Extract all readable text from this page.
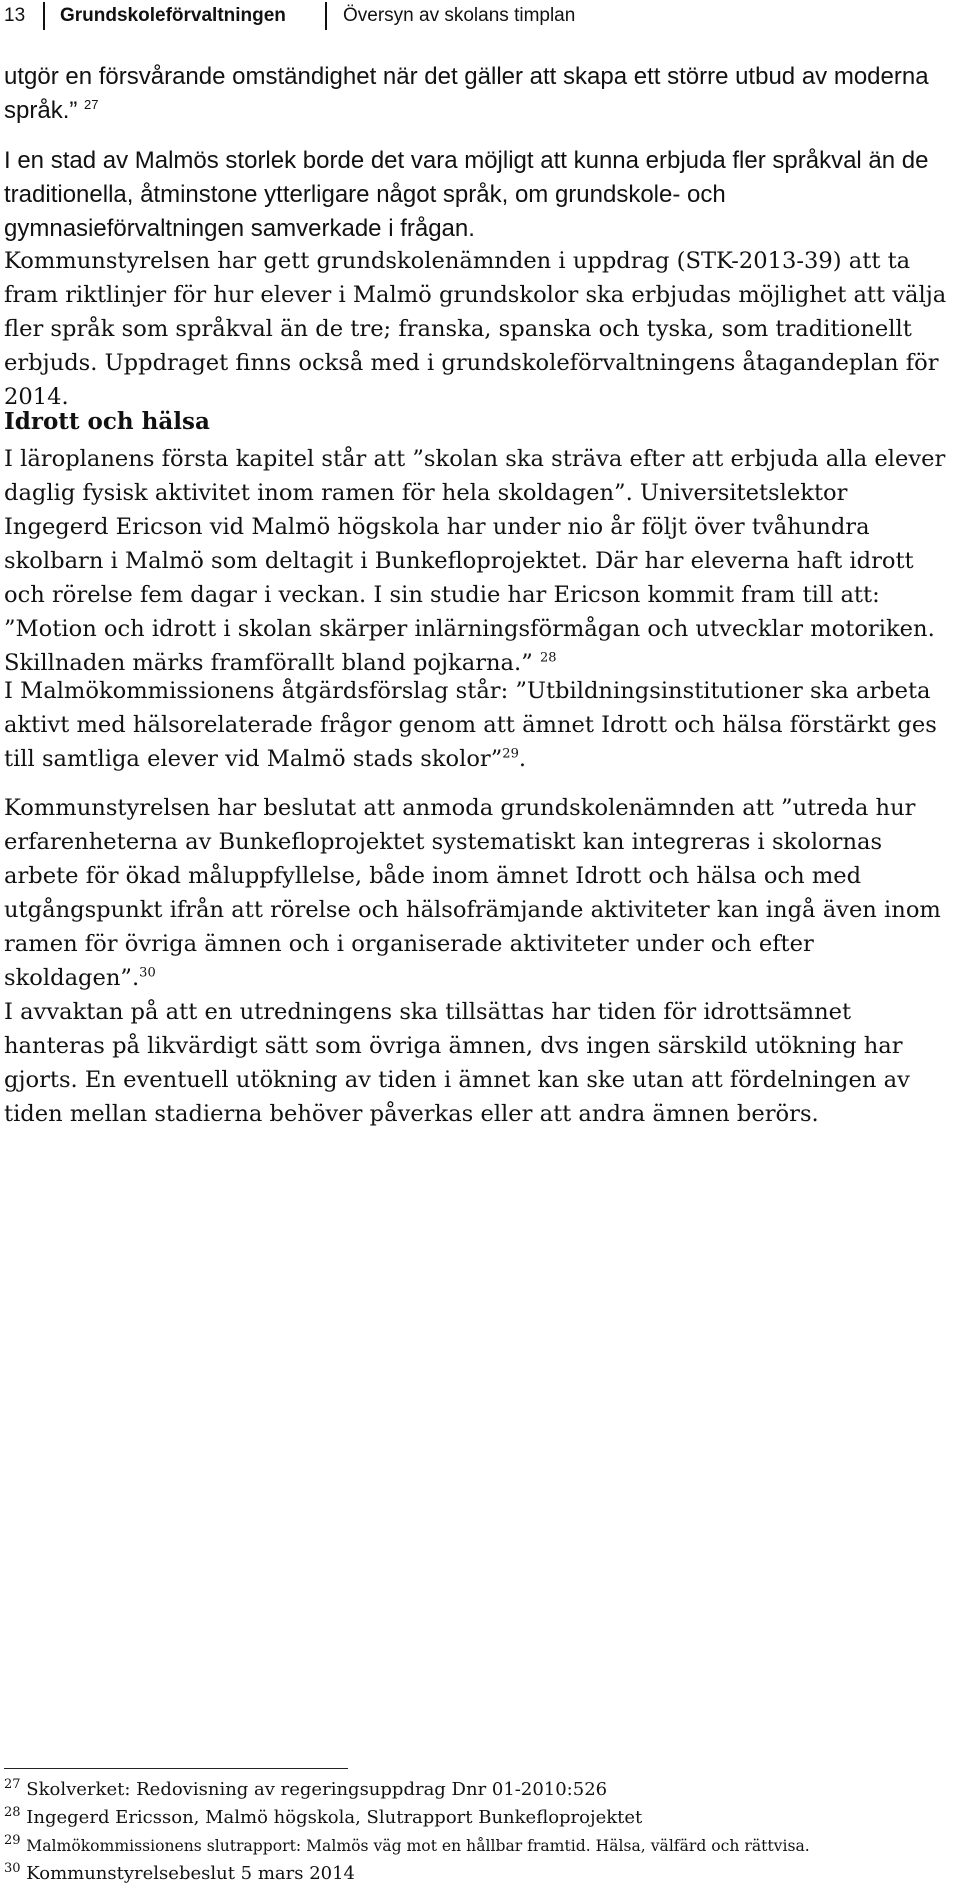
13 Grundskoleförvaltningen	Översyn av skolans timplan

utgör en försvårande omständighet när det gäller att skapa ett större utbud av moderna språk.” $^{27}$

I en stad av Malmös storlek borde det vara möjligt att kunna erbjuda fler språkval än de traditionella, åtminstone ytterligare något språk, om grundskole- och gymnasieförvaltningen samverkade i frågan.

Kommunstyrelsen har gett grundskolenämnden i uppdrag (STK-2013-39) att ta fram riktlinjer för hur elever i Malmö grundskolor ska erbjudas möjlighet att välja fler språk som språkval än de tre; franska, spanska och tyska, som traditionellt erbjuds. Uppdraget finns också med i grundskoleförvaltningens åtagandeplan för 2014.

Idrott och hälsa

I läroplanens första kapitel står att ”skolan ska sträva efter att erbjuda alla elever daglig fysisk aktivitet inom ramen för hela skoldagen”. Universitetslektor Ingegerd Ericson vid Malmö högskola har under nio år följt över tvåhundra skolbarn i Malmö som deltagit i Bunkefloprojektet. Där har eleverna haft idrott och rörelse fem dagar i veckan. I sin studie har Ericson kommit fram till att: ”Motion och idrott i skolan skärper inlärningsförmågan och utvecklar motoriken. Skillnaden märks framförallt bland pojkarna.” $^{28}$

I Malmökommissionens åtgärdsförslag står: ”Utbildningsinstitutioner ska arbeta aktivt med hälsorelaterade frågor genom att ämnet Idrott och hälsa förstärkt ges till samtliga elever vid Malmö stads skolor”$^{29}$.

Kommunstyrelsen har beslutat att anmoda grundskolenämnden att ”utreda hur erfarenheterna av Bunkefloprojektet systematiskt kan integreras i skolornas arbete för ökad måluppfyllelse, både inom ämnet Idrott och hälsa och med utgångspunkt ifrån att rörelse och hälsofrämjande aktiviteter kan ingå även inom ramen för övriga ämnen och i organiserade aktiviteter under och efter skoldagen”.$^{30}$

I avvaktan på att en utredningens ska tillsättas har tiden för idrottsämnet hanteras på likvärdigt sätt som övriga ämnen, dvs ingen särskild utökning har gjorts. En eventuell utökning av tiden i ämnet kan ske utan att fördelningen av tiden mellan stadierna behöver påverkas eller att andra ämnen berörs.

$^{27}$ Skolverket: Redovisning av regeringsuppdrag Dnr 01-2010:526
$^{28}$ Ingegerd Ericsson, Malmö högskola, Slutrapport Bunkefloprojektet
$^{29}$ Malmökommissionens slutrapport: Malmös väg mot en hållbar framtid. Hälsa, välfärd och rättvisa.
$^{30}$ Kommunstyrelsebeslut 5 mars 2014
